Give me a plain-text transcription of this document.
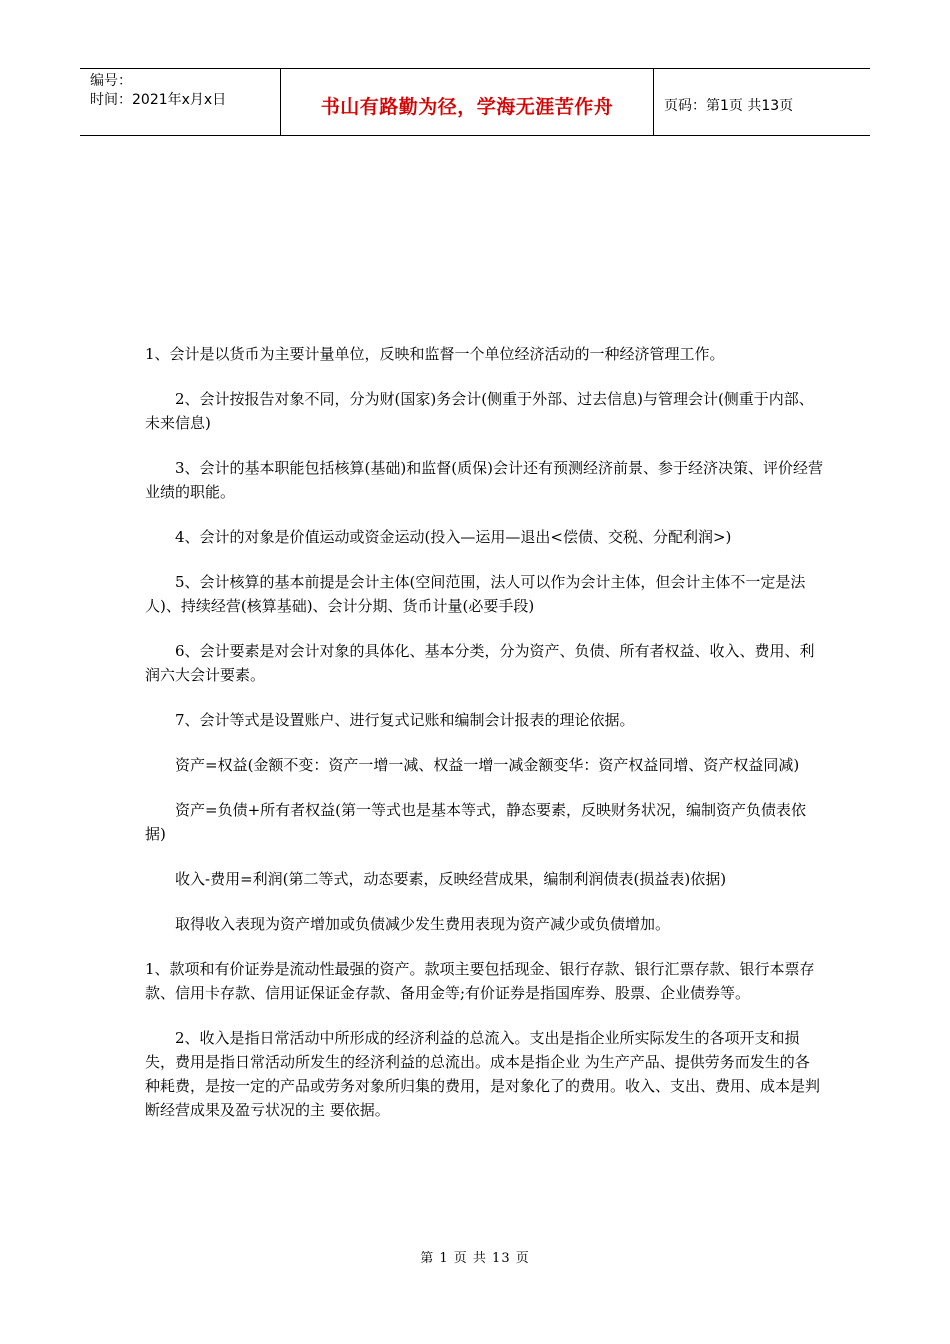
编号：
时间：2021年x月x日	书山有路勤为径，学海无涯苦作舟	页码：第1页 共13页

1、会计是以货币为主要计量单位，反映和监督一个单位经济活动的一种经济管理工作。

2、会计按报告对象不同，分为财(国家)务会计(侧重于外部、过去信息)与管理会计(侧重于内部、未来信息)

3、会计的基本职能包括核算(基础)和监督(质保)会计还有预测经济前景、参于经济决策、评价经营业绩的职能。

4、会计的对象是价值运动或资金运动(投入—运用—退出<偿债、交税、分配利润>)

5、会计核算的基本前提是会计主体(空间范围，法人可以作为会计主体，但会计主体不一定是法人)、持续经营(核算基础)、会计分期、货币计量(必要手段)

6、会计要素是对会计对象的具体化、基本分类，分为资产、负债、所有者权益、收入、费用、利润六大会计要素。

7、会计等式是设置账户、进行复式记账和编制会计报表的理论依据。

资产=权益(金额不变：资产一增一减、权益一增一减金额变华：资产权益同增、资产权益同减)

资产=负债+所有者权益(第一等式也是基本等式，静态要素，反映财务状况，编制资产负债表依据)

收入-费用=利润(第二等式，动态要素，反映经营成果，编制利润债表(损益表)依据)

取得收入表现为资产增加或负债减少发生费用表现为资产减少或负债增加。

1、款项和有价证券是流动性最强的资产。款项主要包括现金、银行存款、银行汇票存款、银行本票存款、信用卡存款、信用证保证金存款、备用金等;有价证券是指国库券、股票、企业债券等。

2、收入是指日常活动中所形成的经济利益的总流入。支出是指企业所实际发生的各项开支和损失，费用是指日常活动所发生的经济利益的总流出。成本是指企业 为生产产品、提供劳务而发生的各种耗费，是按一定的产品或劳务对象所归集的费用，是对象化了的费用。收入、支出、费用、成本是判断经营成果及盈亏状况的主 要依据。

第 1 页 共 13 页
